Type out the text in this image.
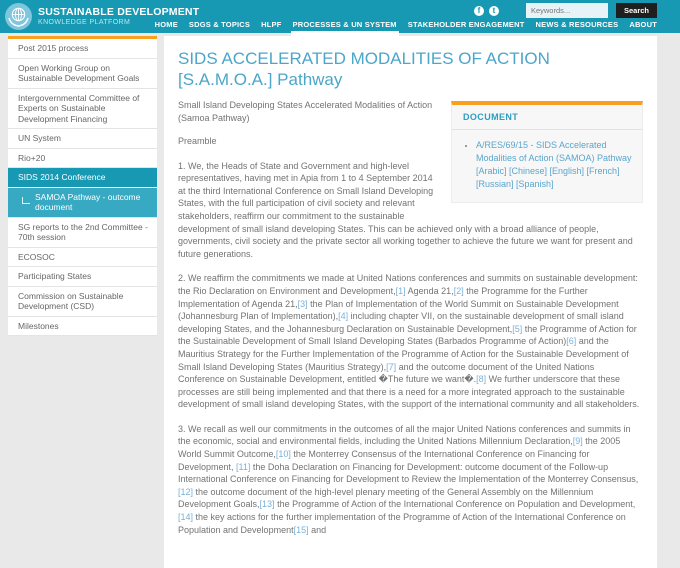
SUSTAINABLE DEVELOPMENT
KNOWLEDGE PLATFORM
f	t
Keywords...	Search
HOME SDGS & TOPICS HLPF PROCESSES & UN SYSTEM STAKEHOLDER ENGAGEMENT NEWS & RESOURCES ABOUT
Post 2015 process
Open Working Group on Sustainable Development Goals
Intergovernmental Committee of Experts on Sustainable Development Financing
UN System
Rio+20
SIDS 2014 Conference
SAMOA Pathway - outcome document
SG reports to the 2nd Committee - 70th session
ECOSOC
Participating States
Commission on Sustainable Development (CSD)
Milestones
SIDS ACCELERATED MODALITIES OF ACTION [S.A.M.O.A.] Pathway
DOCUMENT
▪ A/RES/69/15 - SIDS Accelerated Modalities of Action (SAMOA) Pathway [Arabic] [Chinese] [English] [French] [Russian] [Spanish]

Small Island Developing States Accelerated Modalities of Action (Samoa Pathway)

Preamble

1. We, the Heads of State and Government and high-level representatives, having met in Apia from 1 to 4 September 2014 at the third International Conference on Small Island Developing States, with the full participation of civil society and relevant stakeholders, reaffirm our commitment to the sustainable development of small island developing States. This can be achieved only with a broad alliance of people, governments, civil society and the private sector all working together to achieve the future we want for present and future generations.

2. We reaffirm the commitments we made at United Nations conferences and summits on sustainable development: the Rio Declaration on Environment and Development,[1] Agenda 21,[2] the Programme for the Further Implementation of Agenda 21,[3] the Plan of Implementation of the World Summit on Sustainable Development (Johannesburg Plan of Implementation),[4] including chapter VII, on the sustainable development of small island developing States, and the Johannesburg Declaration on Sustainable Development,[5] the Programme of Action for the Sustainable Development of Small Island Developing States (Barbados Programme of Action)[6] and the Mauritius Strategy for the Further Implementation of the Programme of Action for the Sustainable Development of Small Island Developing States (Mauritius Strategy),[7] and the outcome document of the United Nations Conference on Sustainable Development, entitled �The future we want�.[8] We further underscore that these processes are still being implemented and that there is a need for a more integrated approach to the sustainable development of small island developing States, with the support of the international community and all stakeholders.

3. We recall as well our commitments in the outcomes of all the major United Nations conferences and summits in the economic, social and environmental fields, including the United Nations Millennium Declaration,[9] the 2005 World Summit Outcome,[10] the Monterrey Consensus of the International Conference on Financing for Development, [11] the Doha Declaration on Financing for Development: outcome document of the Follow-up International Conference on Financing for Development to Review the Implementation of the Monterrey Consensus,[12] the outcome document of the high-level plenary meeting of the General Assembly on the Millennium Development Goals,[13] the Programme of Action of the International Conference on Population and Development, [14] the key actions for the further implementation of the Programme of Action of the International Conference on Population and Development[15] and
